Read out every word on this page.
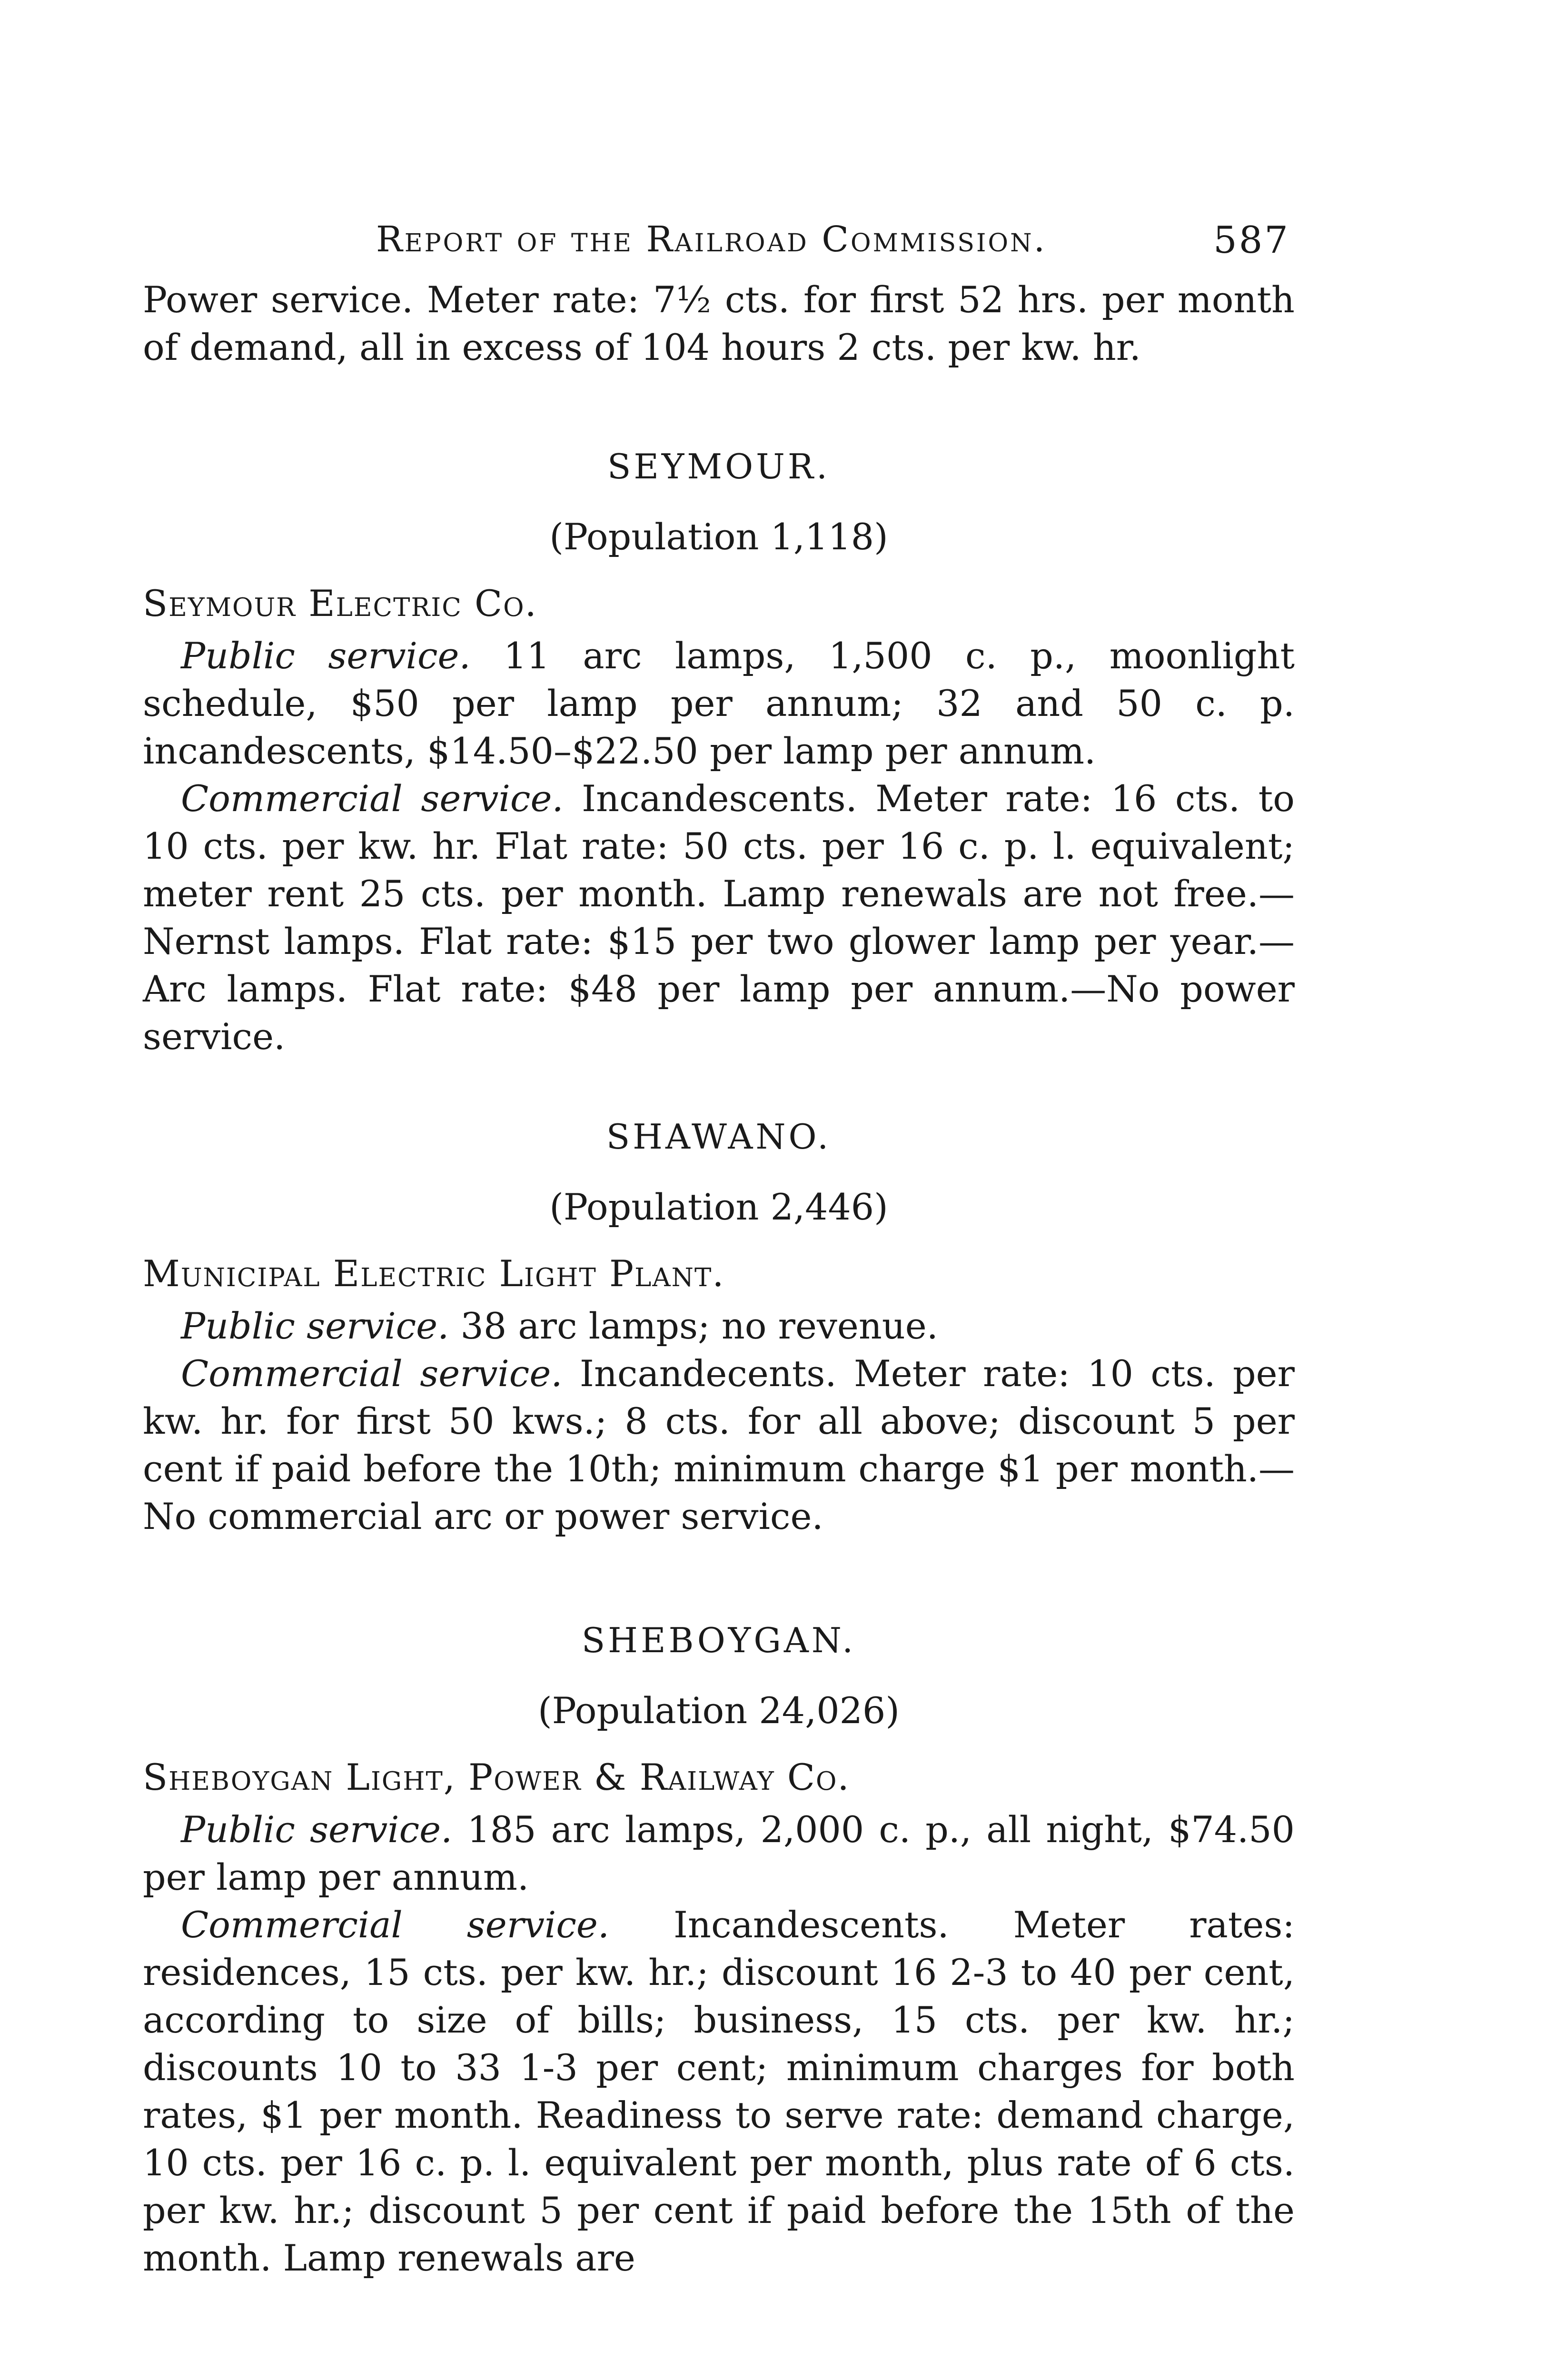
Report of the Railroad Commission.	587

Power service. Meter rate: 7½ cts. for first 52 hrs. per month of demand, all in excess of 104 hours 2 cts. per kw. hr.

SEYMOUR.
(Population 1,118)
Seymour Electric Co.

Public service. 11 arc lamps, 1,500 c. p., moonlight schedule, $50 per lamp per annum; 32 and 50 c. p. incandescents, $14.50–$22.50 per lamp per annum.

Commercial service. Incandescents. Meter rate: 16 cts. to 10 cts. per kw. hr. Flat rate: 50 cts. per 16 c. p. l. equivalent; meter rent 25 cts. per month. Lamp renewals are not free.—Nernst lamps. Flat rate: $15 per two glower lamp per year.—Arc lamps. Flat rate: $48 per lamp per annum.—No power service.

SHAWANO.
(Population 2,446)
Municipal Electric Light Plant.

Public service. 38 arc lamps; no revenue.

Commercial service. Incandecents. Meter rate: 10 cts. per kw. hr. for first 50 kws.; 8 cts. for all above; discount 5 per cent if paid before the 10th; minimum charge $1 per month.—No commercial arc or power service.

SHEBOYGAN.
(Population 24,026)
Sheboygan Light, Power & Railway Co.

Public service. 185 arc lamps, 2,000 c. p., all night, $74.50 per lamp per annum.

Commercial service. Incandescents. Meter rates: residences, 15 cts. per kw. hr.; discount 16 2-3 to 40 per cent, according to size of bills; business, 15 cts. per kw. hr.; discounts 10 to 33 1-3 per cent; minimum charges for both rates, $1 per month. Readiness to serve rate: demand charge, 10 cts. per 16 c. p. l. equivalent per month, plus rate of 6 cts. per kw. hr.; discount 5 per cent if paid before the 15th of the month. Lamp renewals are
